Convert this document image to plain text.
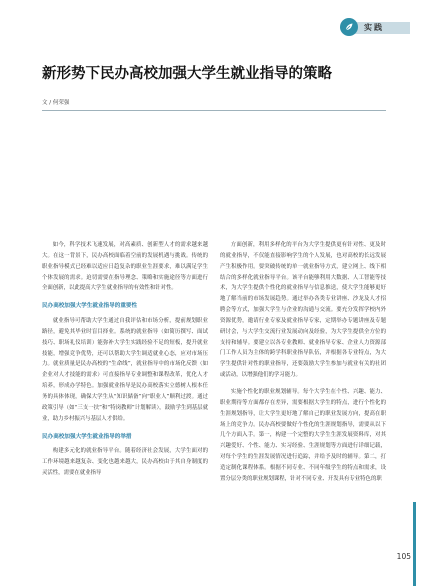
实践
新形势下民办高校加强大学生就业指导的策略
文 / 何荣强

如今，科学技术飞速发展，对高素质、创新型人才的需求越来越大。在这一背景下，民办高校面临着空前的发展机遇与挑战。传统的职业指导模式已经难以适应日趋复杂的职业生涯要求，难以满足学生个体发展的需求。迫切需要在指导理念、策略和实施途径等方面进行全面创新，以此提高大学生就业指导的有效性和针对性。

民办高校加强大学生就业指导的重要性

就业指导可帮助大学生通过自我评估和市场分析，提前规划职业路径，避免其毕业时盲目择业。系统的就业指导（如简历撰写、面试技巧、职场礼仪培训）能弥补大学生实践经验不足的短板，提升就业技能，增强竞争优势，还可以帮助大学生调适就业心态，应对市场压力。就业质量是民办高校的“生命线”，就业指导中的市场化反馈（如企业对人才技能的需求）可直接指导专业调整和课程改革，优化人才培养，形成办学特色。加强就业指导是民办高校落实立德树人根本任务的具体体现，确保大学生从“知识储备”向“职业人”顺利过渡。通过政策引导（如“三支一扶”和“特岗教师”计划解读），鼓励学生到基层就业，助力乡村振兴与基层人才供给。

民办高校加强大学生就业指导的举措

构建多元化的就业指导平台。随着经济社会发展，大学生面对的工作环境越来越复杂、变化也越来越大，民办高校由于其自身制度的灵活性，需要在就业指导

方面创新，利用多样化的平台为大学生提供更有针对性、更及时的就业指导，不仅能直接影响学生的个人发展，也对高校的长远发展产生积极作用。要突破传统的单一就业指导方式，建立网上、线下相结合的多样化就业指导平台。该平台能够利用大数据、人工智能等技术，为大学生提供个性化的就业指导与信息推送，使大学生能够更好地了解当前的市场发展趋势。通过举办各类专业讲座、沙龙及人才招聘会等方式，加强大学生与企业的沟通与交流。要充分发挥学校内外资源优势，邀请行业专家及就业指导专家，定期举办专题讲座及专题研讨会，与大学生交流行业发展动向及经验，为大学生提供全方位的支持和辅导。要建立以各专业教师、就业指导专家、企业人力资源部门工作人员为主体的跨学科职业指导队伍，并根据各专业特点，为大学生提供针对性的职业指导，还要鼓励大学生参加与就业有关的社团或活动，以增强他们的学习能力。

实施个性化的职业规划辅导。每个大学生在个性、兴趣、能力、职业期待等方面都存在差异，需要根据大学生的特点，进行个性化的生涯规划指导，让大学生更好地了解自己的职业发展方向，提高在职场上的竞争力。民办高校要做好个性化的生涯规划指导，需要从以下几个方面入手。第一，构建一个完整的大学生生涯发展资料库，对其兴趣爱好、个性、能力、实习经验、生涯规划等方面进行详细记载，对每个学生的生涯发展情况进行追踪，并给予及时的辅导。第二，打造定制化课程体系。根据不同专业、不同年级学生的特点和需求，设置分层分类的职业规划课程，针对不同专业、开发具有专业特色的职

105
